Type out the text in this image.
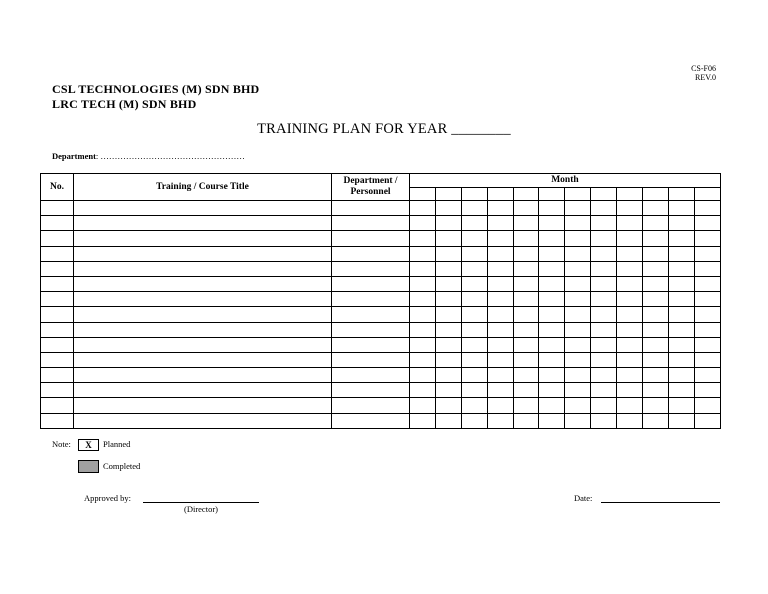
CS-F06
REV.0
CSL TECHNOLOGIES (M) SDN BHD
LRC TECH (M) SDN BHD
TRAINING PLAN FOR YEAR ________
Department: ……………………………………………
No.	Training / Course Title	Department /
Personnel	Month											

Note:	X	Planned
Completed
Approved by:
(Director)
Date:
